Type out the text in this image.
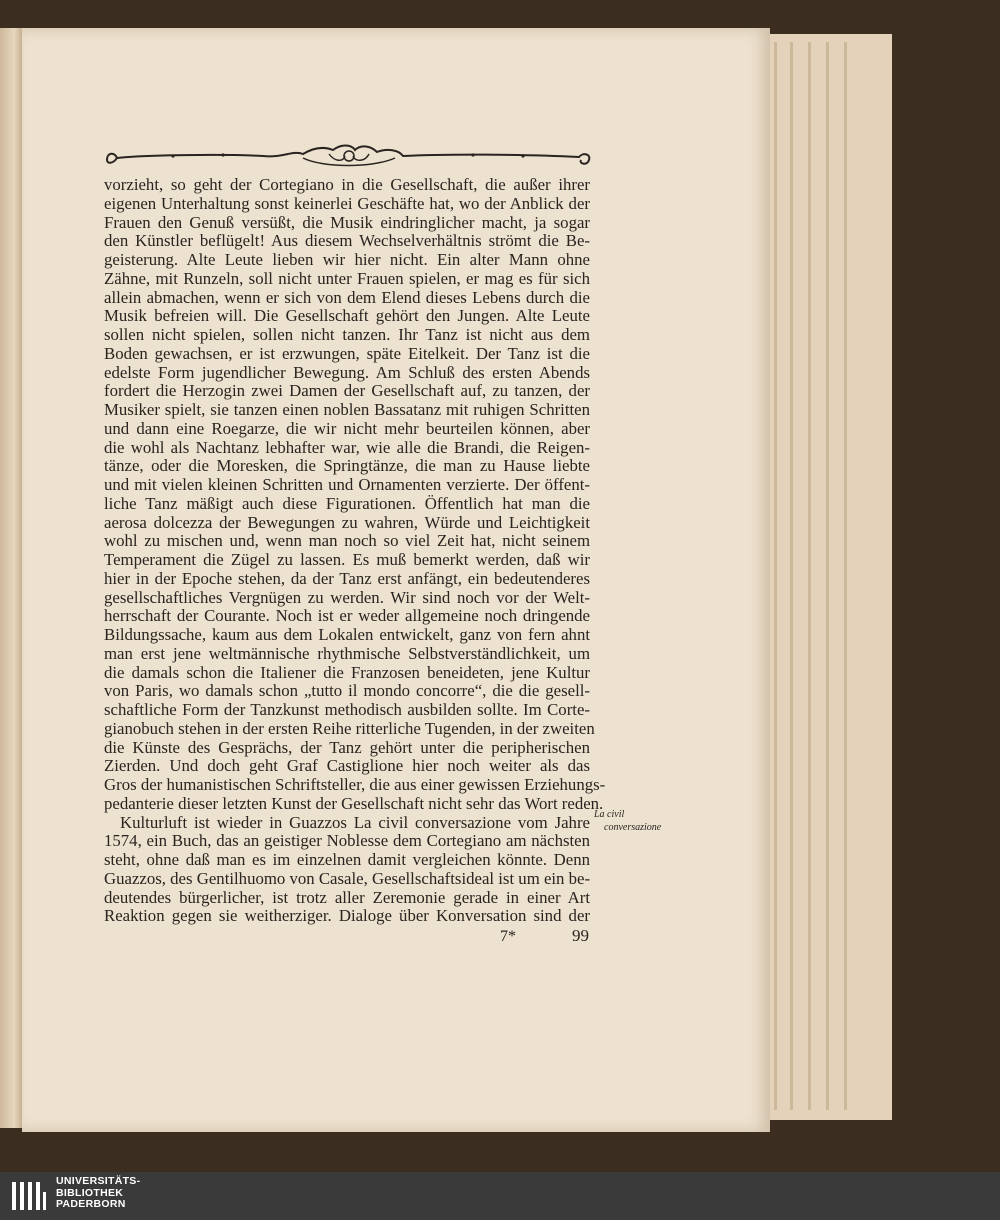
vorzieht, so geht der Cortegiano in die Gesellschaft, die außer ihrer
eigenen Unterhaltung sonst keinerlei Geschäfte hat, wo der Anblick der
Frauen den Genuß versüßt, die Musik eindringlicher macht, ja sogar
den Künstler beflügelt! Aus diesem Wechselverhältnis strömt die Be-
geisterung. Alte Leute lieben wir hier nicht. Ein alter Mann ohne
Zähne, mit Runzeln, soll nicht unter Frauen spielen, er mag es für sich
allein abmachen, wenn er sich von dem Elend dieses Lebens durch die
Musik befreien will. Die Gesellschaft gehört den Jungen. Alte Leute
sollen nicht spielen, sollen nicht tanzen. Ihr Tanz ist nicht aus dem
Boden gewachsen, er ist erzwungen, späte Eitelkeit. Der Tanz ist die
edelste Form jugendlicher Bewegung. Am Schluß des ersten Abends
fordert die Herzogin zwei Damen der Gesellschaft auf, zu tanzen, der
Musiker spielt, sie tanzen einen noblen Bassatanz mit ruhigen Schritten
und dann eine Roegarze, die wir nicht mehr beurteilen können, aber
die wohl als Nachtanz lebhafter war, wie alle die Brandi, die Reigen-
tänze, oder die Moresken, die Springtänze, die man zu Hause liebte
und mit vielen kleinen Schritten und Ornamenten verzierte. Der öffent-
liche Tanz mäßigt auch diese Figurationen. Öffentlich hat man die
aerosa dolcezza der Bewegungen zu wahren, Würde und Leichtigkeit
wohl zu mischen und, wenn man noch so viel Zeit hat, nicht seinem
Temperament die Zügel zu lassen. Es muß bemerkt werden, daß wir
hier in der Epoche stehen, da der Tanz erst anfängt, ein bedeutenderes
gesellschaftliches Vergnügen zu werden. Wir sind noch vor der Welt-
herrschaft der Courante. Noch ist er weder allgemeine noch dringende
Bildungssache, kaum aus dem Lokalen entwickelt, ganz von fern ahnt
man erst jene weltmännische rhythmische Selbstverständlichkeit, um
die damals schon die Italiener die Franzosen beneideten, jene Kultur
von Paris, wo damals schon „tutto il mondo concorre“, die die gesell-
schaftliche Form der Tanzkunst methodisch ausbilden sollte. Im Corte-
gianobuch stehen in der ersten Reihe ritterliche Tugenden, in der zweiten
die Künste des Gesprächs, der Tanz gehört unter die peripherischen
Zierden. Und doch geht Graf Castiglione hier noch weiter als das
Gros der humanistischen Schriftsteller, die aus einer gewissen Erziehungs-
pedanterie dieser letzten Kunst der Gesellschaft nicht sehr das Wort reden.
Kulturluft ist wieder in Guazzos La civil conversazione vom Jahre
1574, ein Buch, das an geistiger Noblesse dem Cortegiano am nächsten
steht, ohne daß man es im einzelnen damit vergleichen könnte. Denn
Guazzos, des Gentilhuomo von Casale, Gesellschaftsideal ist um ein be-
deutendes bürgerlicher, ist trotz aller Zeremonie gerade in einer Art
Reaktion gegen sie weitherziger. Dialoge über Konversation sind der
La civil
conversazione
7*	99
UNIVERSITÄTS-
BIBLIOTHEK
PADERBORN
